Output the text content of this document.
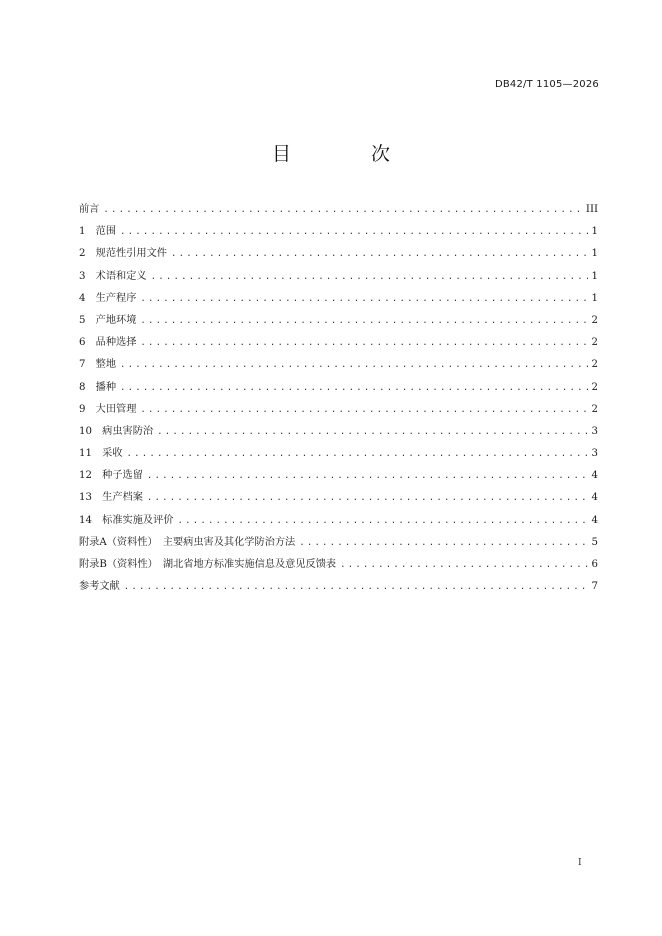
DB42/T 1105—2026
目 次
前言 .....	III
1　范围 .....	1
2　规范性引用文件 .....	1
3　术语和定义 .....	1
4　生产程序 .....	1
5　产地环境 .....	2
6　品种选择 .....	2
7　整地 .....	2
8　播种 .....	2
9　大田管理 .....	2
10　病虫害防治 .....	3
11　采收 .....	3
12　种子选留 .....	4
13　生产档案 .....	4
14　标准实施及评价 .....	4
附录A（资料性）　主要病虫害及其化学防治方法 .....	5
附录B（资料性）　湖北省地方标准实施信息及意见反馈表 .....	6
参考文献 .....	7
I
